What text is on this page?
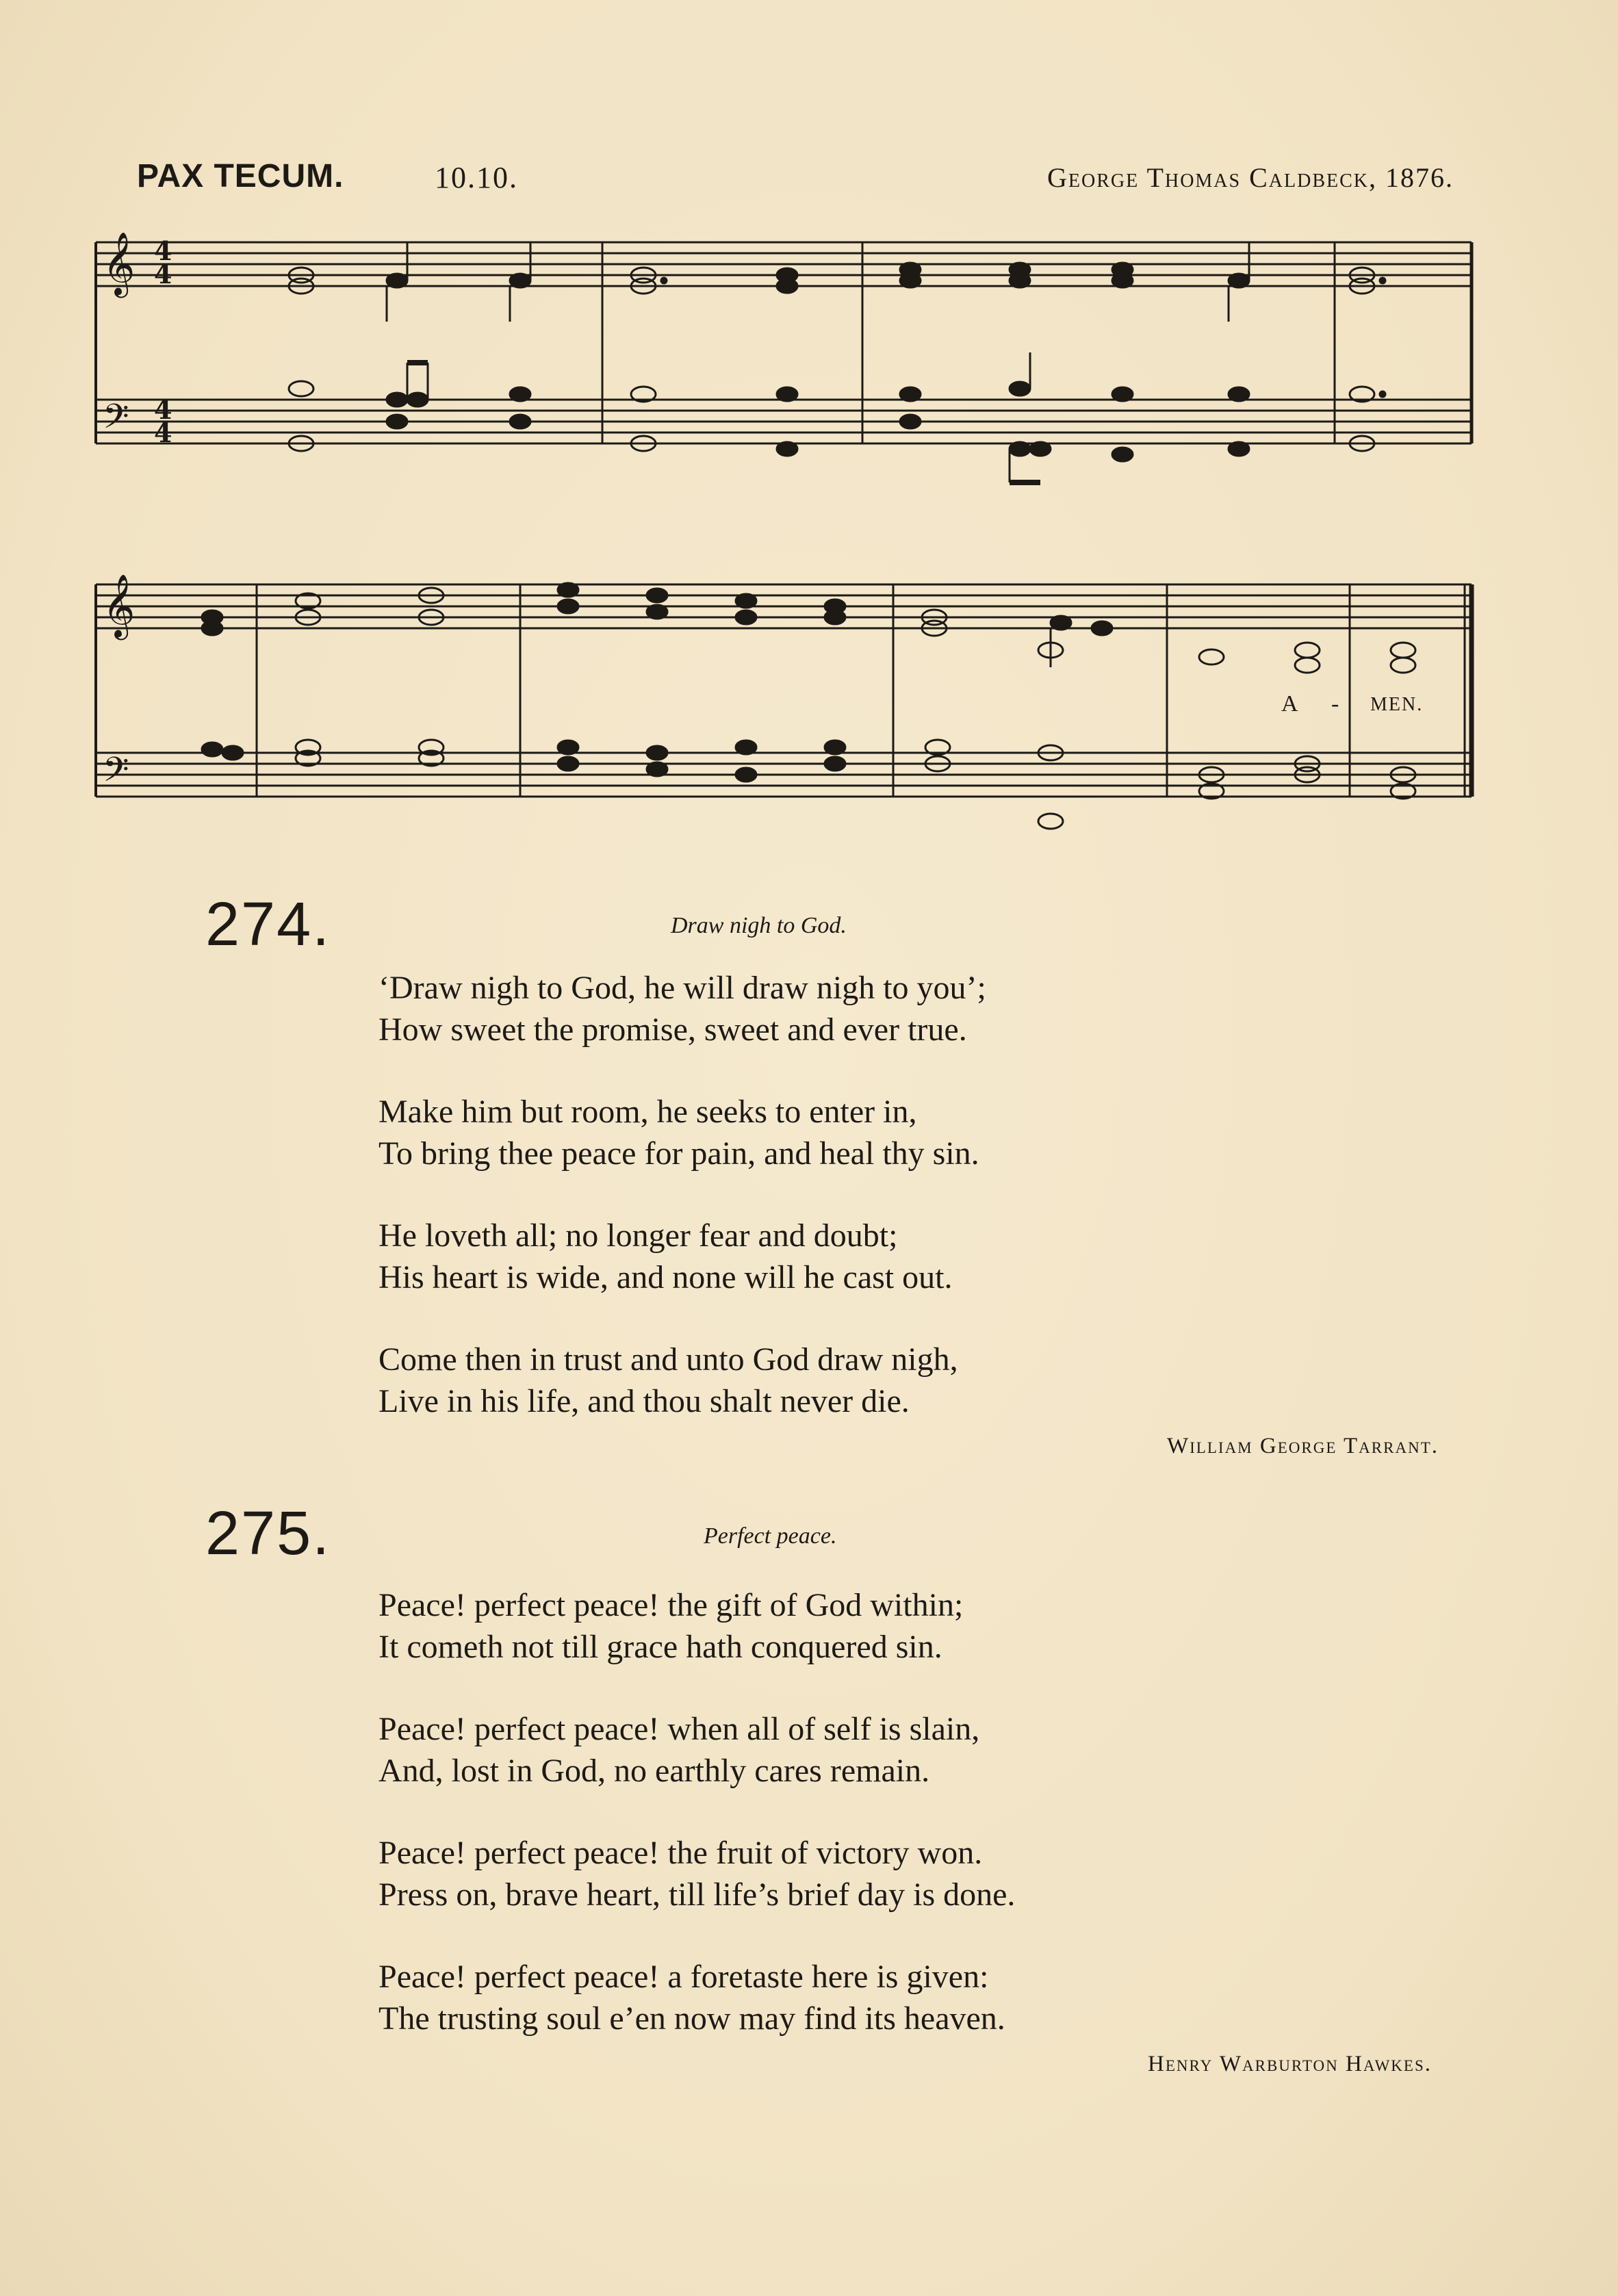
PAX TECUM.	10.10.	George Thomas Caldbeck, 1876.
𝄞
𝄢
4
4
4
4
𝄞
𝄢
A - MEN.
274.	Draw nigh to God.
‘Draw nigh to God, he will draw nigh to you’;
How sweet the promise, sweet and ever true.
Make him but room, he seeks to enter in,
To bring thee peace for pain, and heal thy sin.
He loveth all; no longer fear and doubt;
His heart is wide, and none will he cast out.
Come then in trust and unto God draw nigh,
Live in his life, and thou shalt never die.
William George Tarrant.
275.	Perfect peace.
Peace! perfect peace! the gift of God within;
It cometh not till grace hath conquered sin.
Peace! perfect peace! when all of self is slain,
And, lost in God, no earthly cares remain.
Peace! perfect peace! the fruit of victory won.
Press on, brave heart, till life’s brief day is done.
Peace! perfect peace! a foretaste here is given:
The trusting soul e’en now may find its heaven.
Henry Warburton Hawkes.
